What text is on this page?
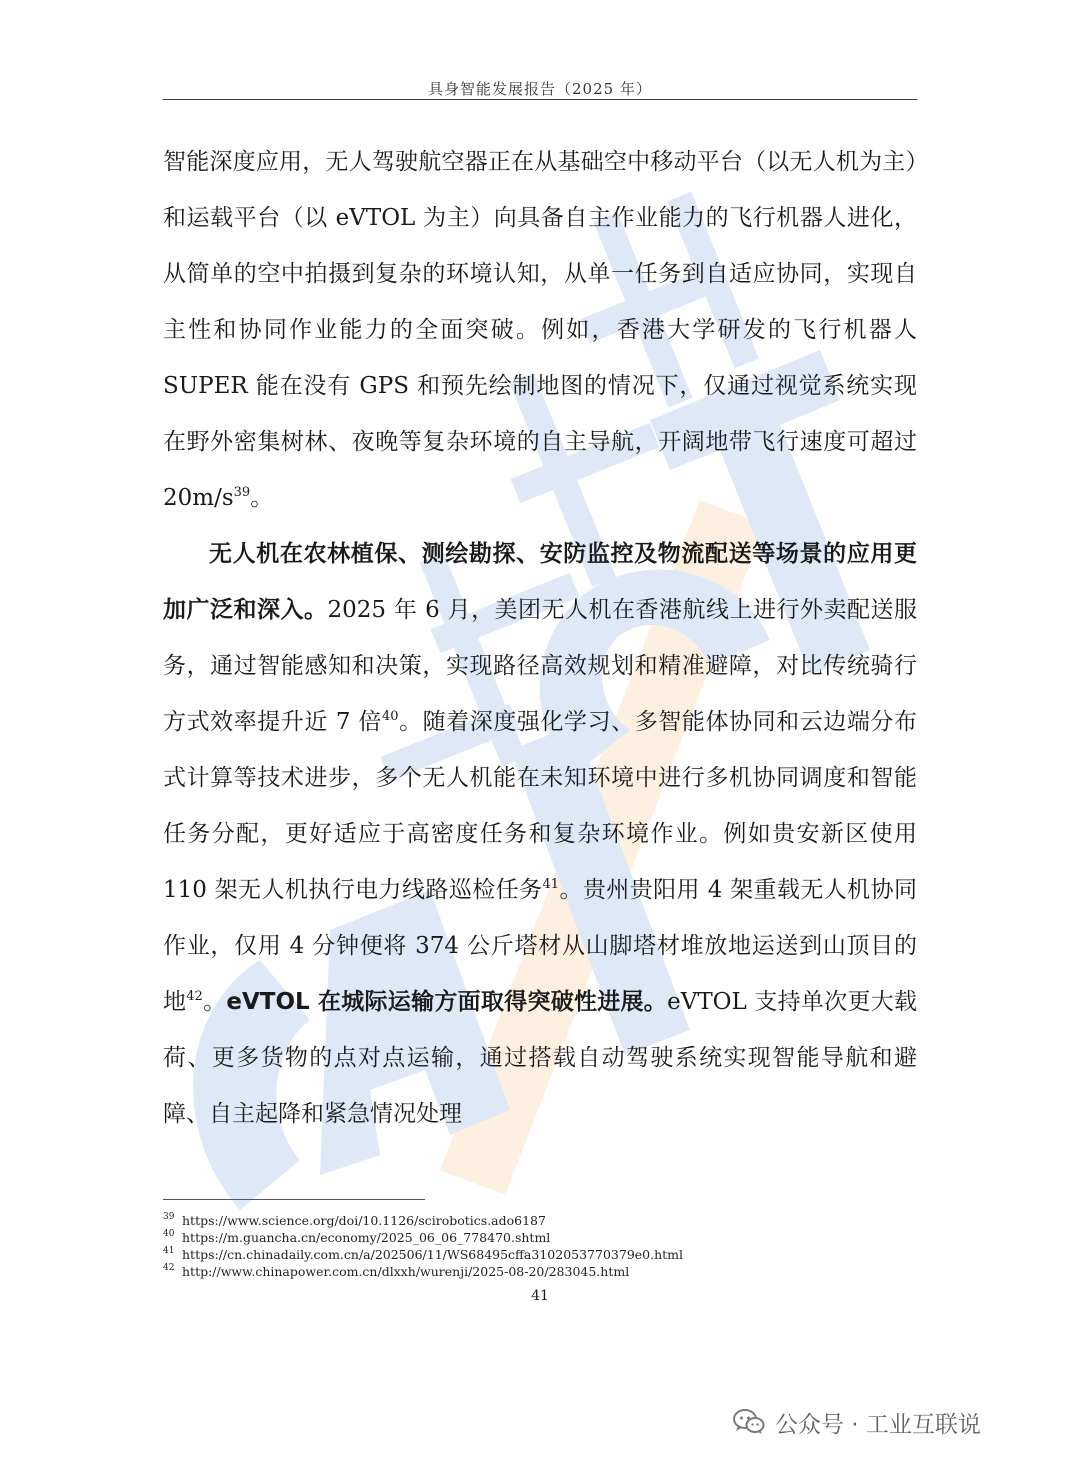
具身智能发展报告（2025 年）

智能深度应用，无人驾驶航空器正在从基础空中移动平台（以无人机为主）和运载平台（以 eVTOL 为主）向具备自主作业能力的飞行机器人进化，从简单的空中拍摄到复杂的环境认知，从单一任务到自适应协同，实现自主性和协同作业能力的全面突破。例如，香港大学研发的飞行机器人 SUPER 能在没有 GPS 和预先绘制地图的情况下，仅通过视觉系统实现在野外密集树林、夜晚等复杂环境的自主导航，开阔地带飞行速度可超过 $20m/s^{39}$。

无人机在农林植保、测绘勘探、安防监控及物流配送等场景的应用更加广泛和深入。2025 年 6 月，美团无人机在香港航线上进行外卖配送服务，通过智能感知和决策，实现路径高效规划和精准避障，对比传统骑行方式效率提升近 7 倍$^{40}$。随着深度强化学习、多智能体协同和云边端分布式计算等技术进步，多个无人机能在未知环境中进行多机协同调度和智能任务分配，更好适应于高密度任务和复杂环境作业。例如贵安新区使用 110 架无人机执行电力线路巡检任务$^{41}$。贵州贵阳用 4 架重载无人机协同作业，仅用 4 分钟便将 374 公斤塔材从山脚塔材堆放地运送到山顶目的地$^{42}$。eVTOL 在城际运输方面取得突破性进展。eVTOL 支持单次更大载荷、更多货物的点对点运输，通过搭载自动驾驶系统实现智能导航和避障、自主起降和紧急情况处理

39 https://www.science.org/doi/10.1126/scirobotics.ado6187
40 https://m.guancha.cn/economy/2025_06_06_778470.shtml
41 https://cn.chinadaily.com.cn/a/202506/11/WS68495cffa3102053770379e0.html
42 http://www.chinapower.com.cn/dlxxh/wurenji/2025-08-20/283045.html
41
公众号 · 工业互联说
